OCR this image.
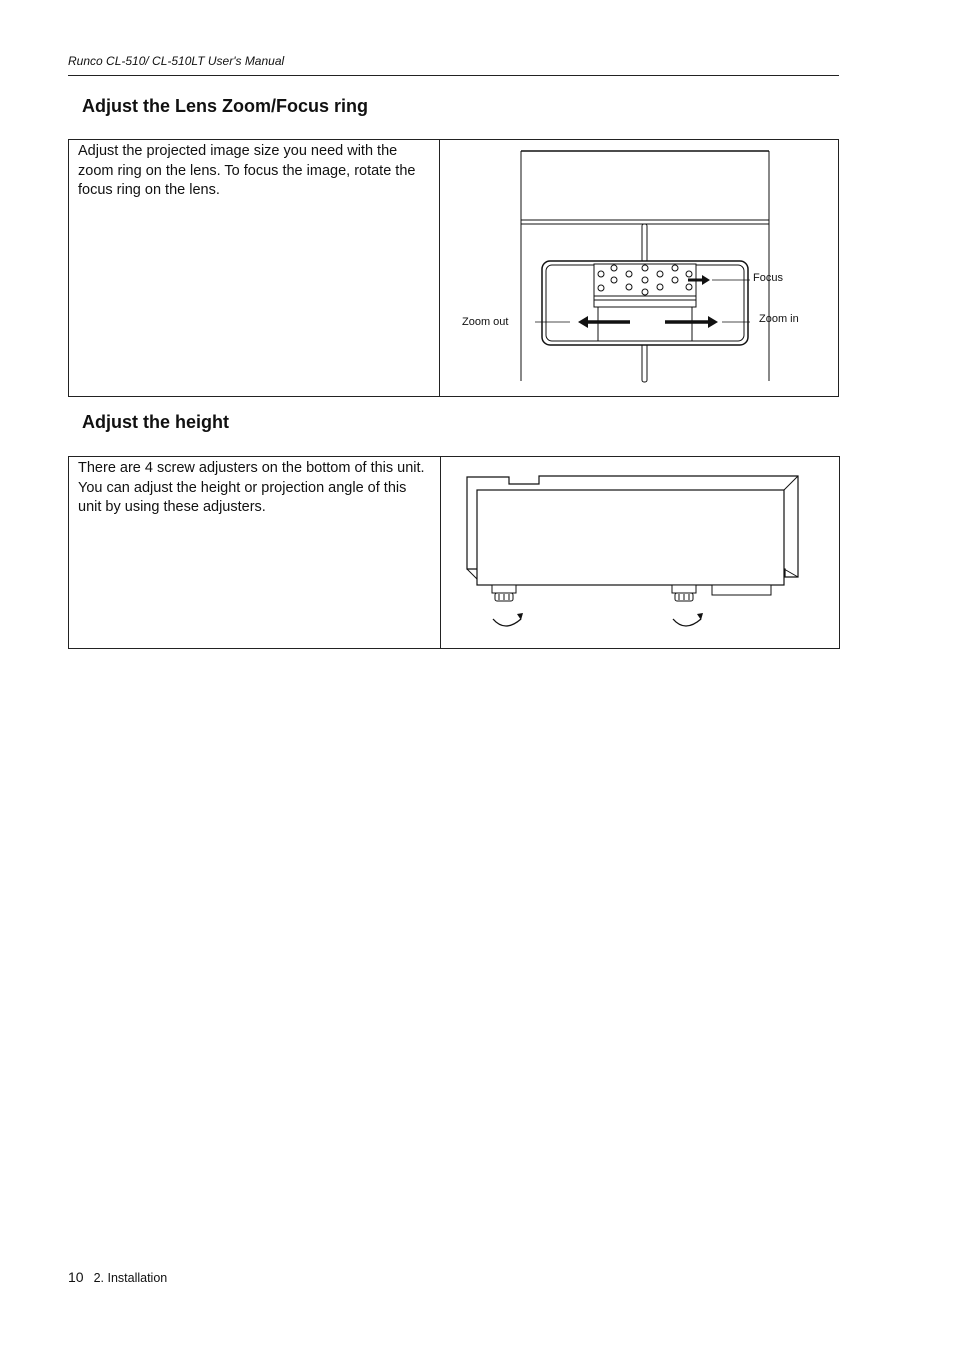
Runco CL-510/ CL-510LT User's Manual
Adjust the Lens Zoom/Focus ring
Adjust the projected image size you need with the zoom ring on the lens. To focus the image, rotate the focus ring on the lens.
Focus
Zoom out	Zoom in
Adjust the height
There are 4 screw adjusters on the bottom of this unit. You can adjust the height or projection angle of this unit by using these adjusters.
10 2. Installation
